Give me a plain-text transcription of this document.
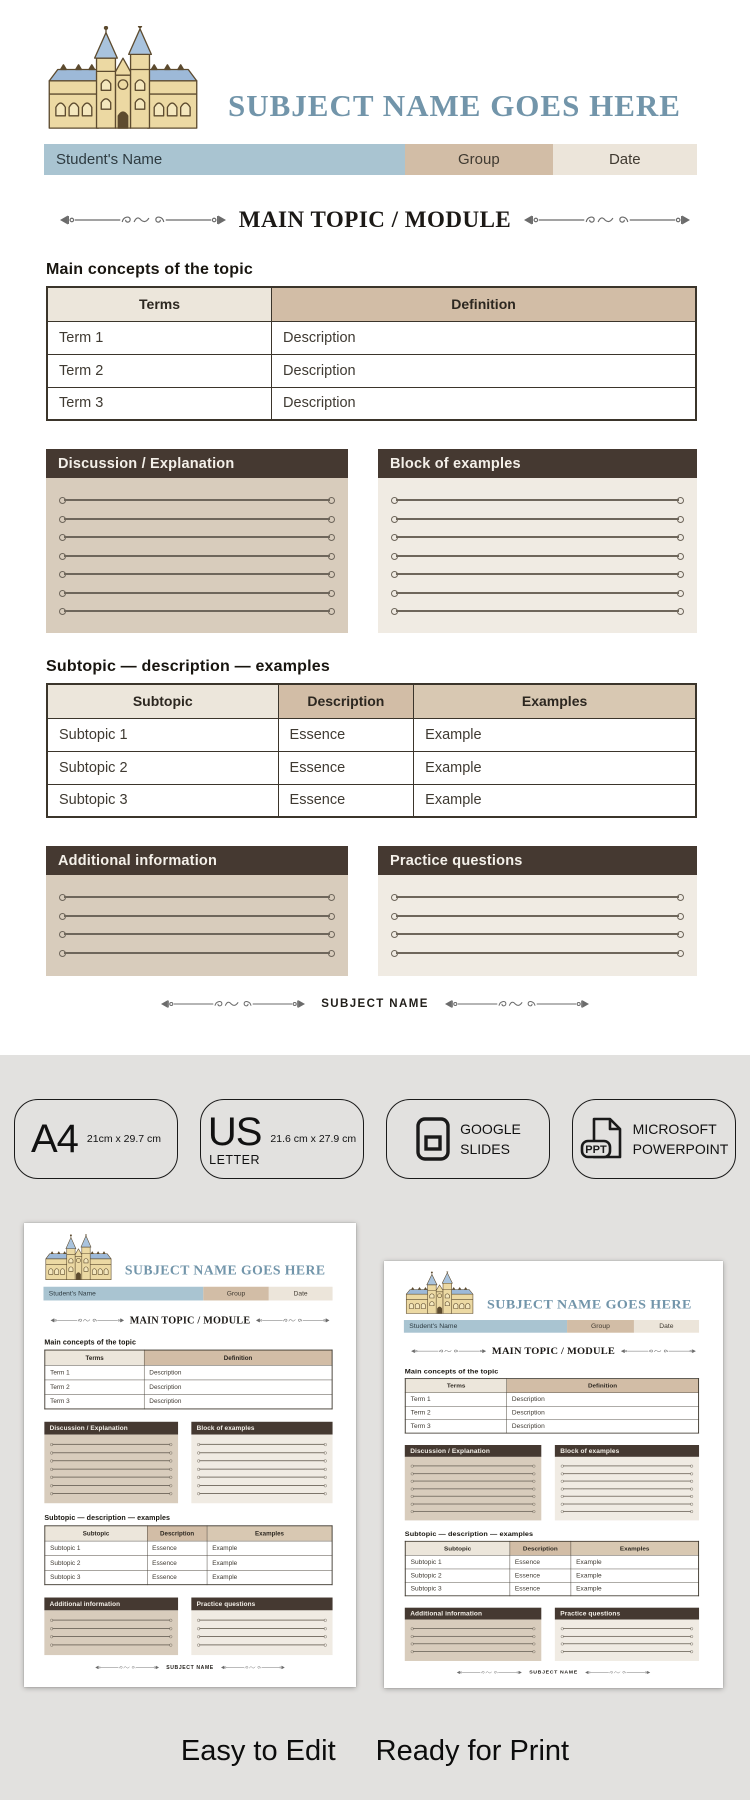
SUBJECT NAME GOES HERE
Student's Name	Group	Date
MAIN TOPIC / MODULE
Main concepts of the topic
Terms	Definition
Term 1	Description
Term 2	Description
Term 3	Description
Discussion / Explanation	Block of examples
Subtopic — description — examples
Subtopic	Description	Examples
Subtopic 1	Essence	Example
Subtopic 2	Essence	Example
Subtopic 3	Essence	Example
Additional information	Practice questions
SUBJECT NAME
A4 21cm x 29.7 cm US
LETTER
21.6 cm x 27.9 cm
GOOGLE
SLIDES	PPT
MICROSOFT
POWERPOINT
SUBJECT NAME GOES HERE
Student's Name	Group	Date
MAIN TOPIC / MODULE
Main concepts of the topic
Terms	Definition
Term 1	Description
Term 2	Description
Term 3	Description
Discussion / Explanation	Block of examples
Subtopic — description — examples
Subtopic	Description	Examples
Subtopic 1	Essence	Example
Subtopic 2	Essence	Example
Subtopic 3	Essence	Example
Additional information	Practice questions
SUBJECT NAME
SUBJECT NAME GOES HERE
Student's Name	Group	Date
MAIN TOPIC / MODULE
Main concepts of the topic
Terms	Definition
Term 1	Description
Term 2	Description
Term 3	Description
Discussion / Explanation	Block of examples
Subtopic — description — examples
Subtopic	Description	Examples
Subtopic 1	Essence	Example
Subtopic 2	Essence	Example
Subtopic 3	Essence	Example
Additional information	Practice questions
SUBJECT NAME
Easy to Edit Ready for Print
